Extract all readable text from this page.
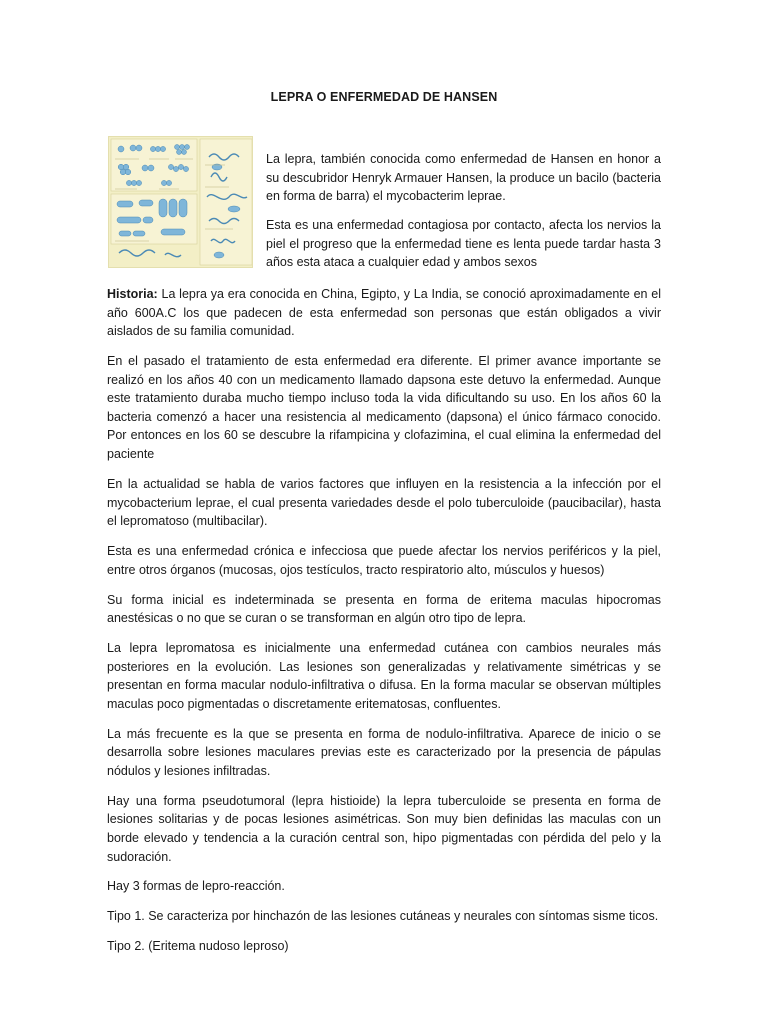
LEPRA O ENFERMEDAD DE HANSEN

La lepra, también conocida como enfermedad de Hansen en honor a su descubridor Henryk Armauer Hansen, la produce un bacilo (bacteria en forma de barra) el mycobacterim leprae.

Esta es una enfermedad contagiosa por contacto, afecta los nervios la piel el progreso que la enfermedad tiene es lenta puede tardar hasta 3 años esta ataca a cualquier edad y ambos sexos

Historia: La lepra ya era conocida en China, Egipto, y La India, se conoció aproximadamente en el año 600A.C los que padecen de esta enfermedad son personas que están obligados a vivir aislados de su familia comunidad.

En el pasado el tratamiento de esta enfermedad era diferente. El primer avance importante se realizó en los años 40 con un medicamento llamado dapsona este detuvo la enfermedad. Aunque este tratamiento duraba mucho tiempo incluso toda la vida dificultando su uso. En los años 60 la bacteria comenzó a hacer una resistencia al medicamento (dapsona) el único fármaco conocido. Por entonces en los 60 se descubre la rifampicina y clofazimina, el cual elimina la enfermedad del paciente

En la actualidad se habla de varios factores que influyen en la resistencia a la infección por el mycobacterium leprae, el cual presenta variedades desde el polo tuberculoide (paucibacilar), hasta el lepromatoso (multibacilar).

Esta es una enfermedad crónica e infecciosa que puede afectar los nervios periféricos y la piel, entre otros órganos (mucosas, ojos testículos, tracto respiratorio alto, músculos y huesos)

Su forma inicial es indeterminada se presenta en forma de eritema maculas hipocromas anestésicas o no que se curan o se transforman en algún otro tipo de lepra.

La lepra lepromatosa es inicialmente una enfermedad cutánea con cambios neurales más posteriores en la evolución. Las lesiones son generalizadas y relativamente simétricas y se presentan en forma macular nodulo-infiltrativa o difusa. En la forma macular se observan múltiples maculas poco pigmentadas o discretamente eritematosas, confluentes.

La más frecuente es la que se presenta en forma de nodulo-infiltrativa. Aparece de inicio o se desarrolla sobre lesiones maculares previas este es caracterizado por la presencia de pápulas nódulos y lesiones infiltradas.

Hay una forma pseudotumoral (lepra histioide) la lepra tuberculoide se presenta en forma de lesiones solitarias y de pocas lesiones asimétricas. Son muy bien definidas las maculas con un borde elevado y tendencia a la curación central son, hipo pigmentadas con pérdida del pelo y la sudoración.

Hay 3 formas de lepro-reacción.

Tipo 1. Se caracteriza por hinchazón de las lesiones cutáneas y neurales con síntomas sisme ticos.

Tipo 2. (Eritema nudoso leproso)
